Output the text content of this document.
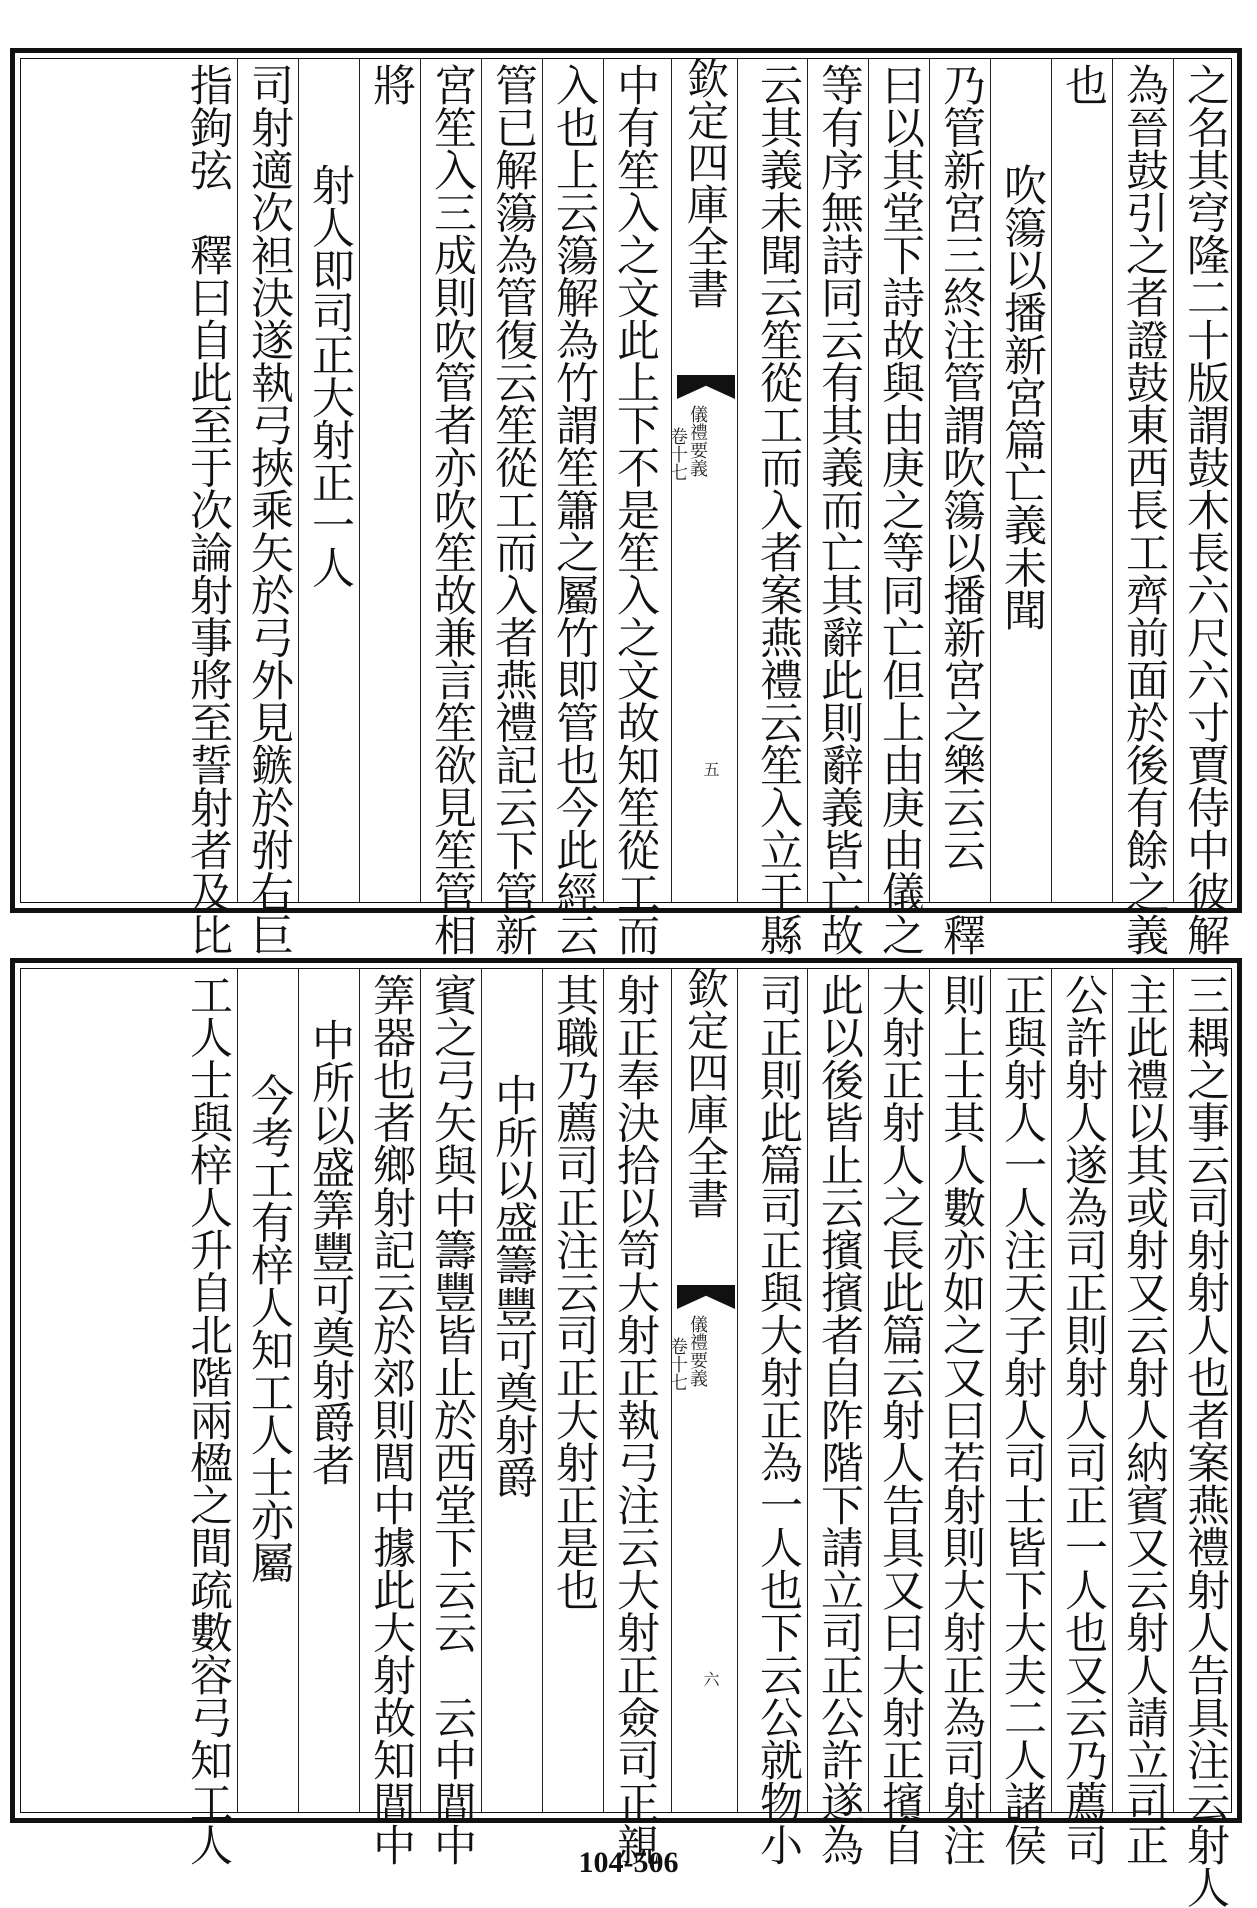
之名其穹隆二十版謂鼓木長六尺六寸賈侍中彼解
為晉鼓引之者證鼓東西長工齊前面於後有餘之義
也
吹簜以播新宮篇亡義未聞
乃管新宮三終注管謂吹簜以播新宮之樂云云　釋
曰以其堂下詩故與由庚之等同亡但上由庚由儀之
等有序無詩同云有其義而亡其辭此則辭義皆亡故
云其義未聞云笙從工而入者案燕禮云笙入立于縣
欽定四庫全書
儀禮要義
卷十七
五
中有笙入之文此上下不是笙入之文故知笙從工而
入也上云簜解為竹謂笙簫之屬竹即管也今此經云
管已解簜為管復云笙從工而入者燕禮記云下管新
宮笙入三成則吹管者亦吹笙故兼言笙欲見笙管相
將
射人即司正大射正一人
司射適次袒決遂執弓挾乘矢於弓外見鏃於弣右巨
指鉤弦　釋曰自此至于次論射事將至誓射者及比
三耦之事云司射射人也者案燕禮射人告具注云射人
主此禮以其或射又云射人納賓又云射人請立司正
公許射人遂為司正則射人司正一人也又云乃薦司
正與射人一人注天子射人司士皆下大夫二人諸侯
則上士其人數亦如之又曰若射則大射正為司射注
大射正射人之長此篇云射人告具又曰大射正擯自
此以後皆止云擯擯者自阼階下請立司正公許遂為
司正則此篇司正與大射正為一人也下云公就物小
欽定四庫全書
儀禮要義
卷十七
六
射正奉決拾以笥大射正執弓注云大射正僉司正親
其職乃薦司正注云司正大射正是也
中所以盛籌豐可奠射爵
賓之弓矢與中籌豐皆止於西堂下云云　云中閭中
筭器也者鄉射記云於郊則閭中據此大射故知閭中
中所以盛筭豐可奠射爵者
今考工有梓人知工人士亦屬
工人士與梓人升自北階兩楹之間疏數容弓知工人	104-506
